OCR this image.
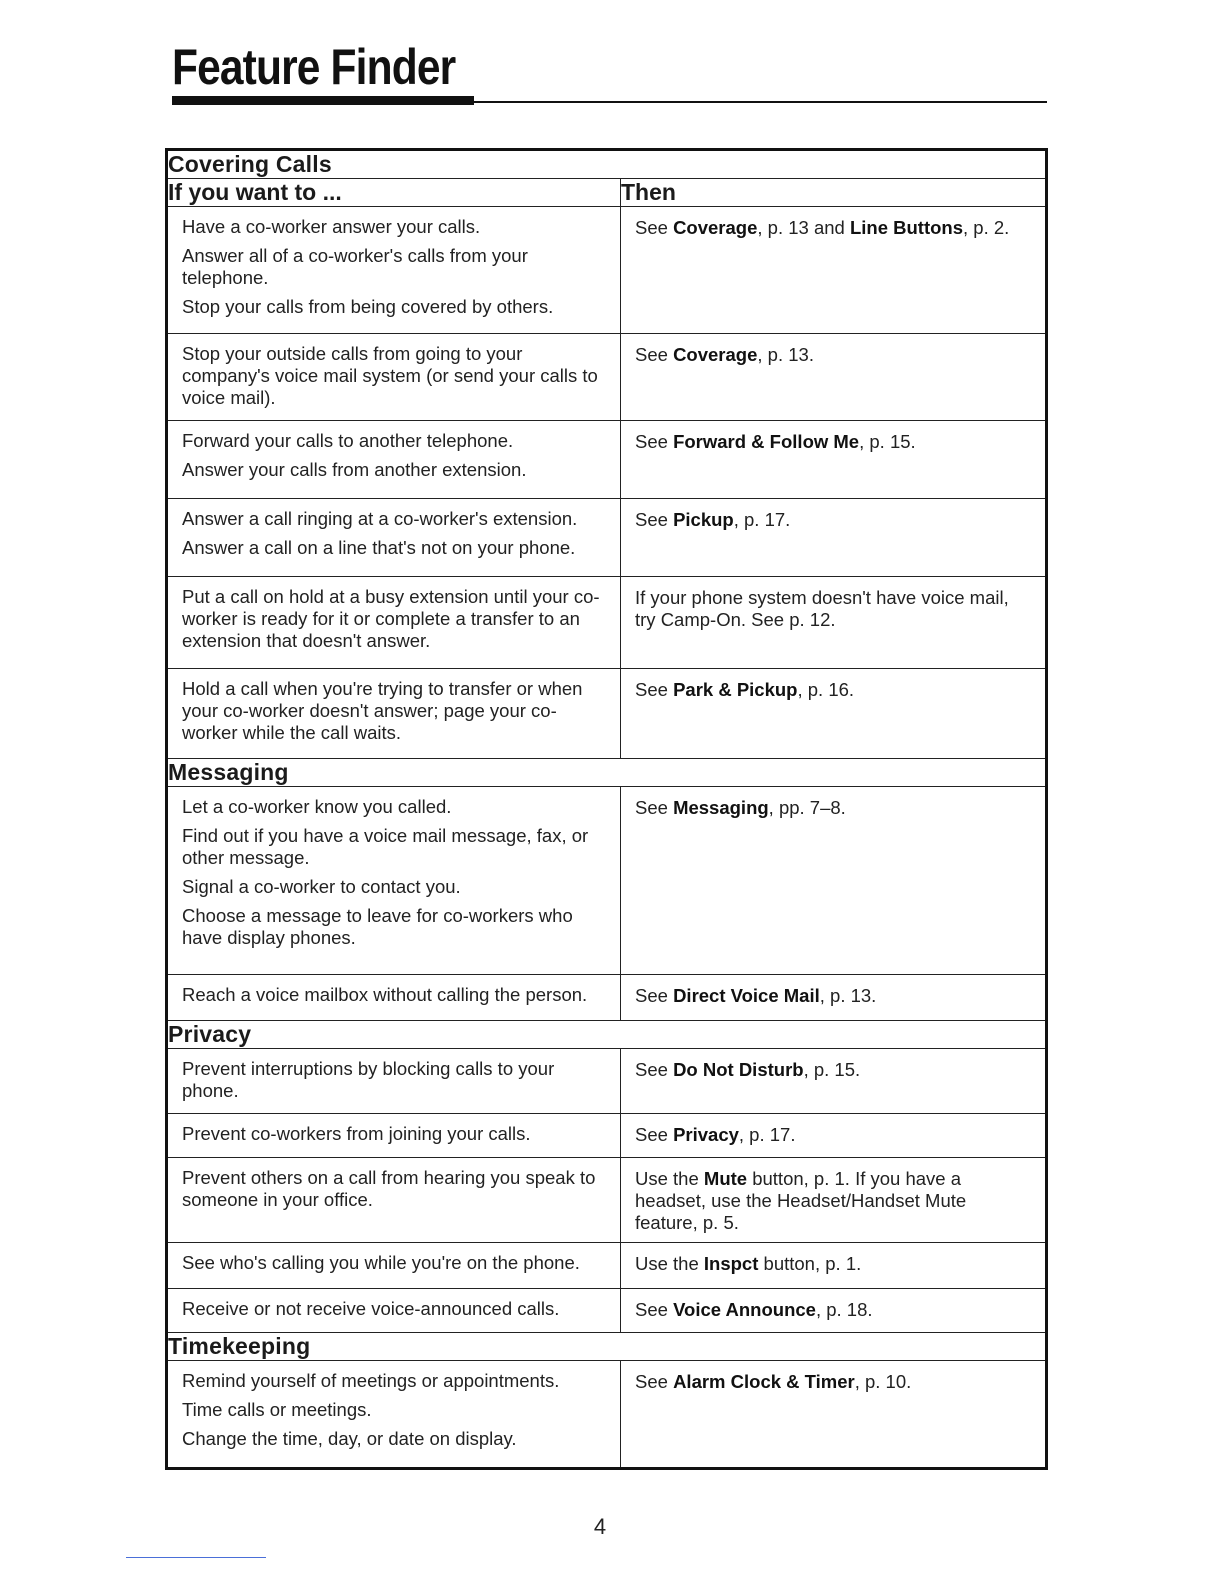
Feature Finder
Covering Calls	
If you want to ...	Then

Have a co-worker answer your calls.
Answer all of a co-worker's calls from your telephone.
Stop your calls from being covered by others.	See Coverage, p. 13 and Line Buttons, p. 2.

Stop your outside calls from going to your company's voice mail system (or send your calls to voice mail).	See Coverage, p. 13.

Forward your calls to another telephone.
Answer your calls from another extension.	See Forward & Follow Me, p. 15.

Answer a call ringing at a co-worker's extension.
Answer a call on a line that's not on your phone.	See Pickup, p. 17.

Put a call on hold at a busy extension until your co-worker is ready for it or complete a transfer to an extension that doesn't answer.	If your phone system doesn't have voice mail, try Camp-On. See p. 12.

Hold a call when you're trying to transfer or when your co-worker doesn't answer; page your co-worker while the call waits.	See Park & Pickup, p. 16.

Messaging	

Let a co-worker know you called.
Find out if you have a voice mail message, fax, or other message.
Signal a co-worker to contact you.
Choose a message to leave for co-workers who have display phones.	See Messaging, pp. 7–8.

Reach a voice mailbox without calling the person.	See Direct Voice Mail, p. 13.

Privacy	

Prevent interruptions by blocking calls to your phone.	See Do Not Disturb, p. 15.

Prevent co-workers from joining your calls.	See Privacy, p. 17.

Prevent others on a call from hearing you speak to someone in your office.	Use the Mute button, p. 1. If you have a headset, use the Headset/Handset Mute feature, p. 5.

See who's calling you while you're on the phone.	Use the Inspct button, p. 1.

Receive or not receive voice-announced calls.	See Voice Announce, p. 18.

Timekeeping	

Remind yourself of meetings or appointments.
Time calls or meetings.
Change the time, day, or date on display.	See Alarm Clock & Timer, p. 10.
4
